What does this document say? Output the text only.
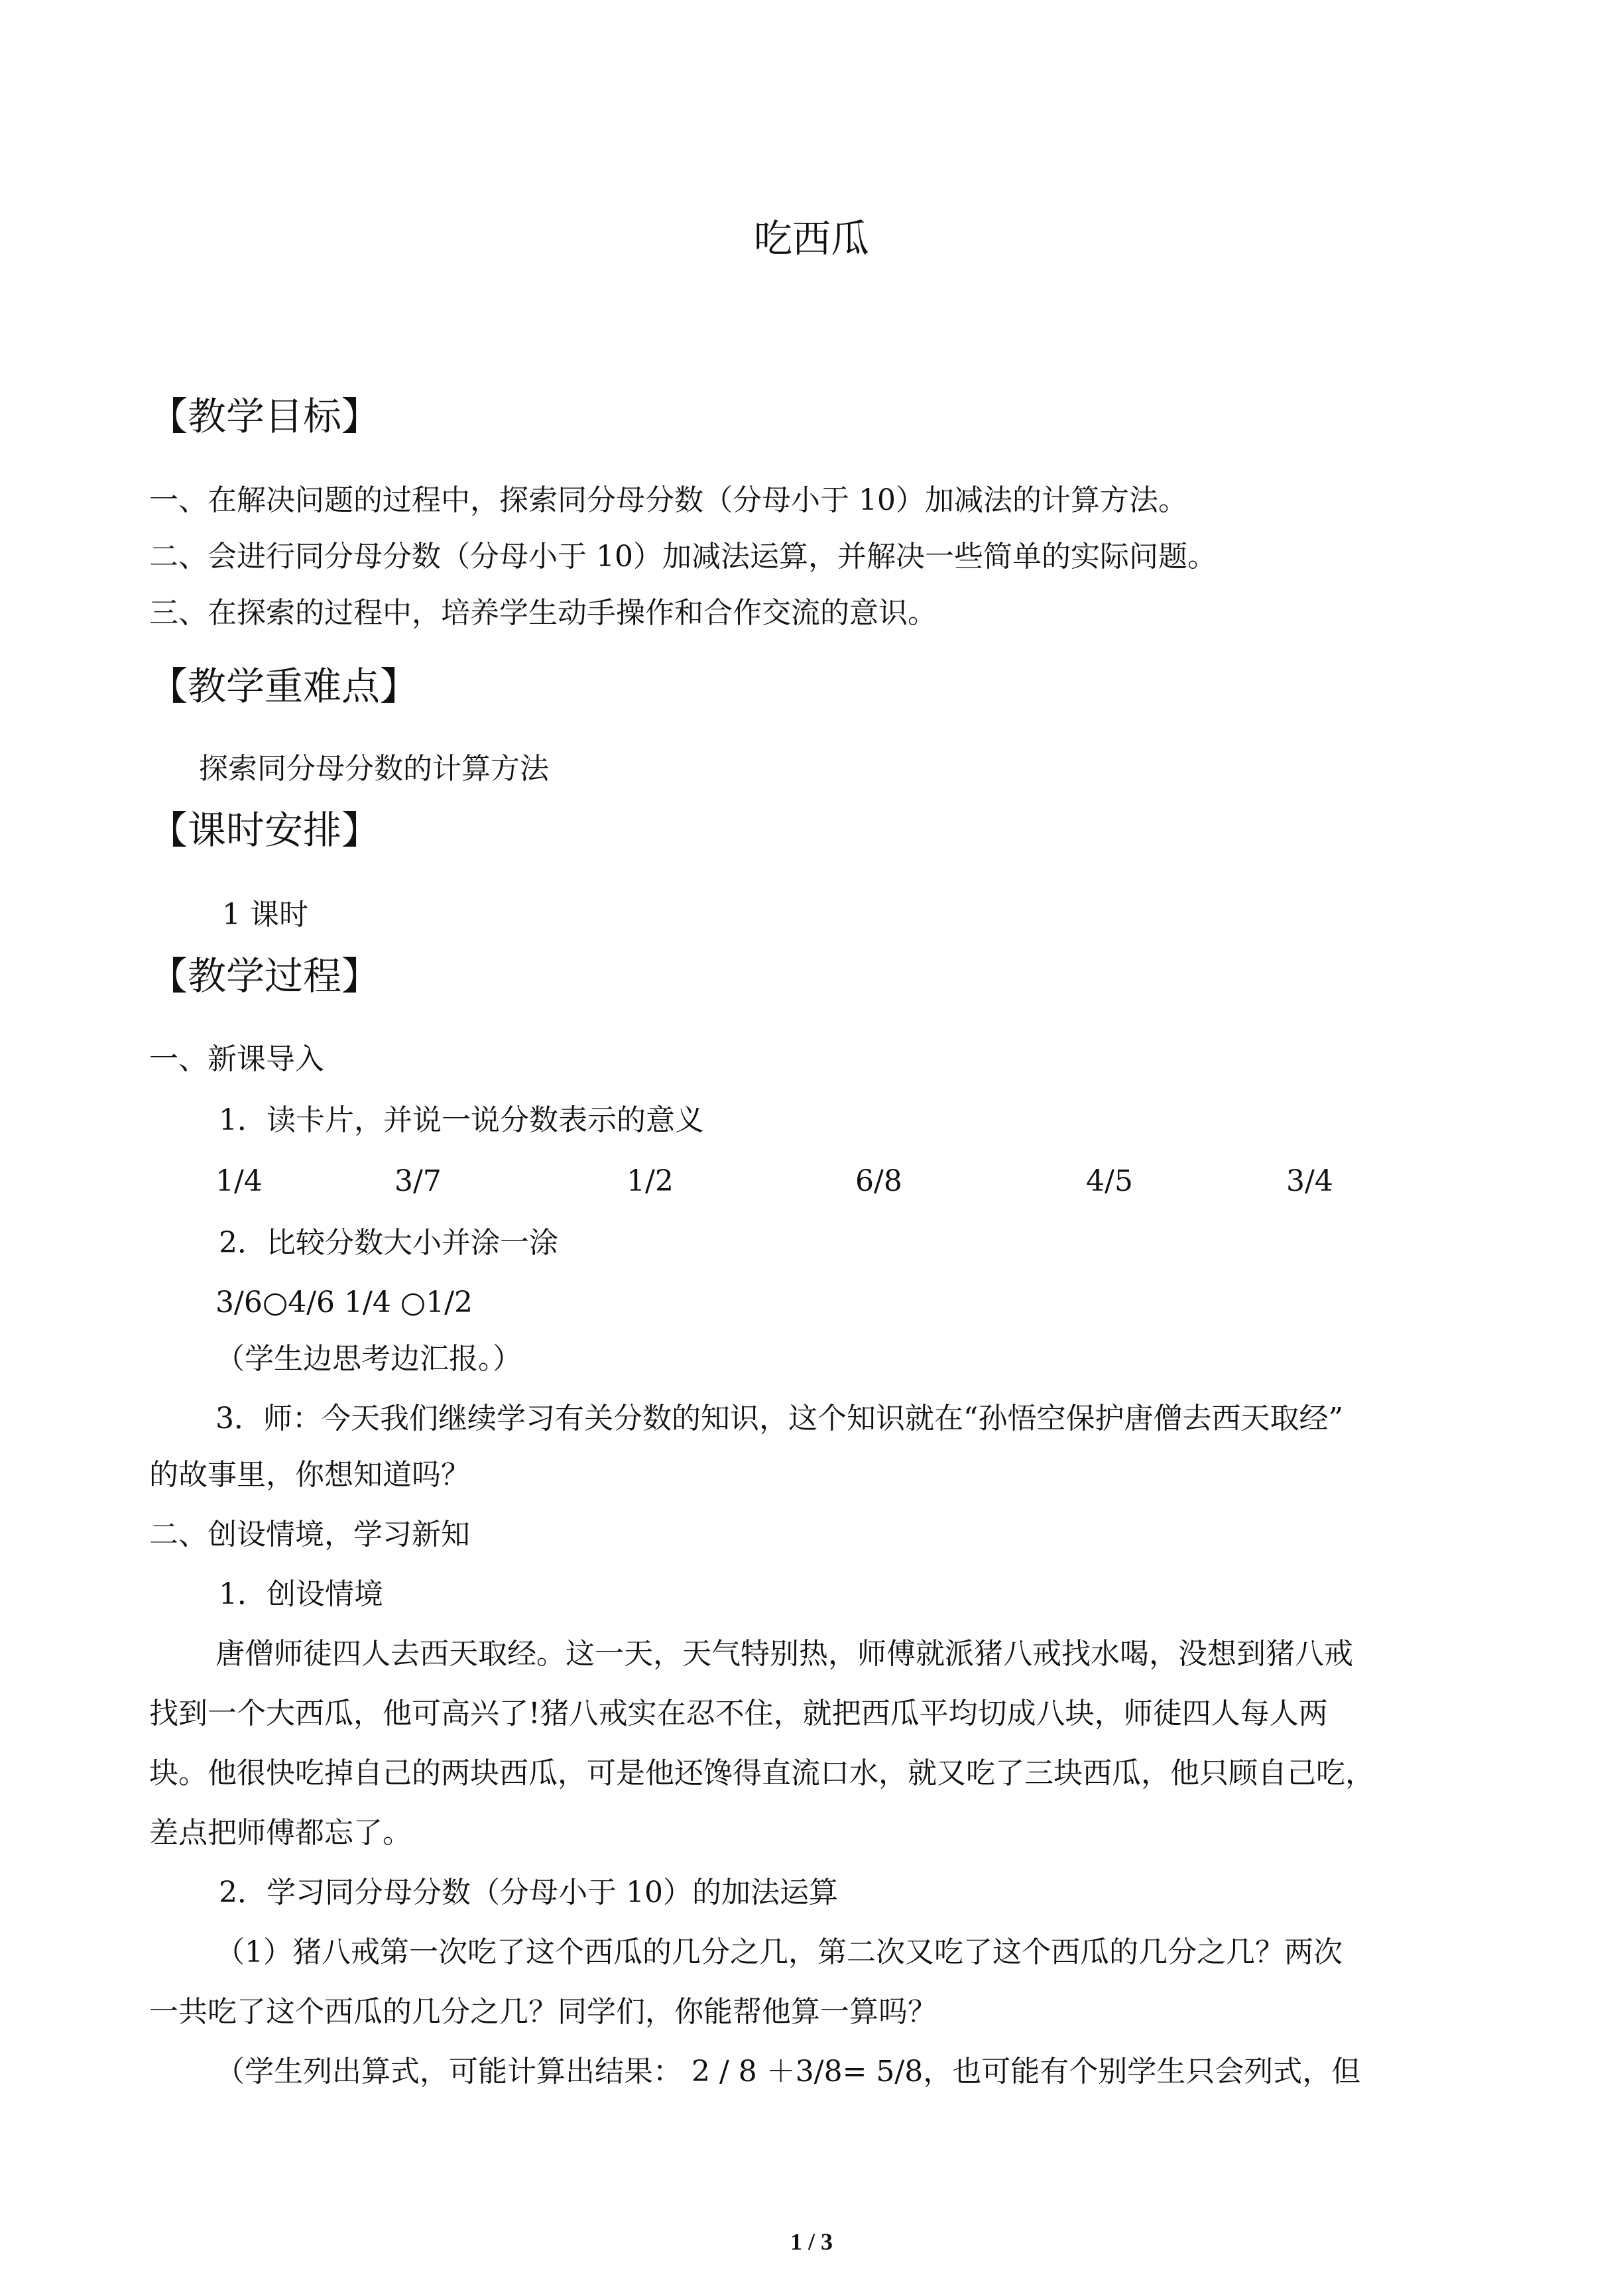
吃西瓜
【教学目标】
一、在解决问题的过程中，探索同分母分数（分母小于 10）加减法的计算方法。
二、会进行同分母分数（分母小于 10）加减法运算，并解决一些简单的实际问题。
三、在探索的过程中，培养学生动手操作和合作交流的意识。
【教学重难点】
探索同分母分数的计算方法
【课时安排】
1 课时
【教学过程】
一、新课导入
1．读卡片，并说一说分数表示的意义
1/4	3/7	1/2	6/8	4/5	3/4
2．比较分数大小并涂一涂
3/6○4/6 1/4 ○1/2
（学生边思考边汇报。）
3．师：今天我们继续学习有关分数的知识，这个知识就在“孙悟空保护唐僧去西天取经”
的故事里，你想知道吗？
二、创设情境，学习新知
1．创设情境
唐僧师徒四人去西天取经。这一天，天气特别热，师傅就派猪八戒找水喝，没想到猪八戒
找到一个大西瓜，他可高兴了!猪八戒实在忍不住，就把西瓜平均切成八块，师徒四人每人两
块。他很快吃掉自己的两块西瓜，可是他还馋得直流口水，就又吃了三块西瓜，他只顾自己吃，
差点把师傅都忘了。
2．学习同分母分数（分母小于 10）的加法运算
（1）猪八戒第一次吃了这个西瓜的几分之几，第二次又吃了这个西瓜的几分之几？两次
一共吃了这个西瓜的几分之几？同学们，你能帮他算一算吗？
（学生列出算式，可能计算出结果： 2 / 8 ＋3/8= 5/8，也可能有个别学生只会列式，但
1 / 3
